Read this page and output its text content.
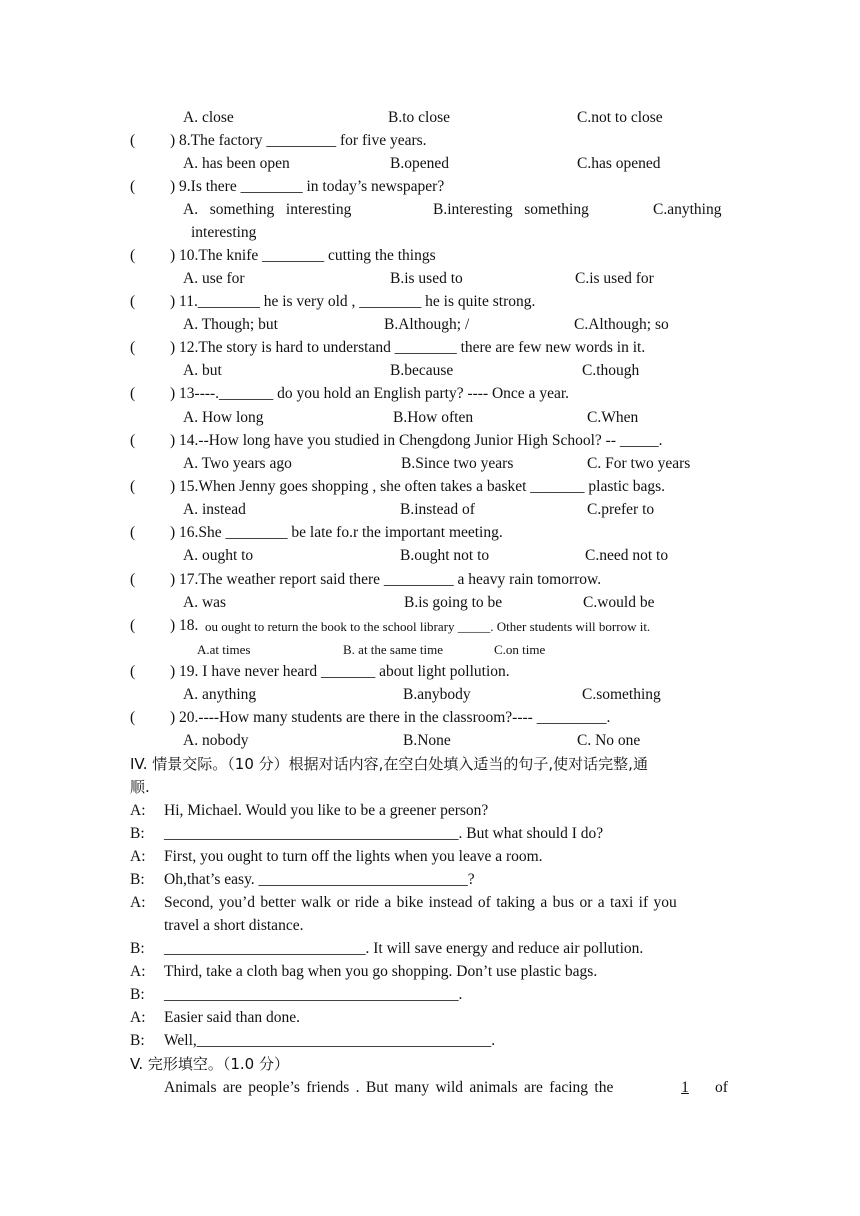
A. close	B.to close	C.not to close
( ) 8.The factory _________ for five years.
A. has been open	B.opened	C.has opened
( ) 9.Is there ________ in today’s newspaper?
A.   something   interesting	B.interesting   something	C.anything
interesting
( ) 10.The knife ________ cutting the things
A. use for	B.is used to	C.is used for
( ) 11.________ he is very old , ________ he is quite strong.
A. Though; but	B.Although; /	C.Although; so
( ) 12.The story is hard to understand ________ there are few new words in it.
A. but	B.because	C.though
( ) 13----._______ do you hold an English party? ---- Once a year.
A. How long	B.How often	C.When
( ) 14.--How long have you studied in Chengdong Junior High School? -- _____.
A. Two years ago	B.Since two years	C. For two years
( ) 15.When Jenny goes shopping , she often takes a basket _______ plastic bags.
A. instead	B.instead of	C.prefer to
( ) 16.She ________ be late fo.r the important meeting.
A. ought to	B.ought not to	C.need not to
( ) 17.The weather report said there _________ a heavy rain tomorrow.
A. was	B.is going to be	C.would be
( ) 18. ou ought to return the book to the school library _____. Other students will borrow it.
A.at times	B. at the same time	C.on time
( ) 19. I have never heard _______ about light pollution.
A. anything	B.anybody	C.something
( ) 20.----How many students are there in the classroom?---- _________.
A. nobody	B.None	C. No one
IV. 情景交际。（10 分）根据对话内容,在空白处填入适当的句子,使对话完整,通
顺.
A: Hi, Michael. Would you like to be a greener person?
B: ______________________________________. But what should I do?
A: First, you ought to turn off the lights when you leave a room.
B: Oh,that’s easy. ___________________________?
A: Second, you’d better walk or ride a bike instead of taking a bus or a taxi if you
travel a short distance.
B: __________________________. It will save energy and reduce air pollution.
A: Third, take a cloth bag when you go shopping. Don’t use plastic bags.
B: ______________________________________.
A: Easier said than done.
B: Well,______________________________________.
V. 完形填空。（1.0 分）
Animals are people’s friends . But many wild animals are facing the	1	of
